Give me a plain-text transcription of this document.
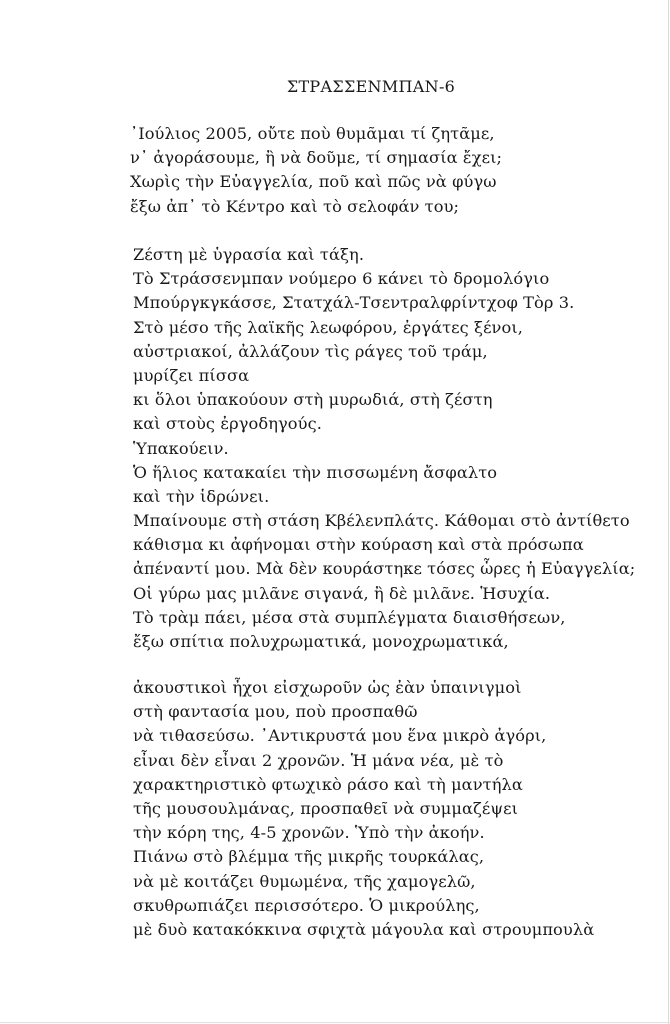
ΣΤΡΑΣΣΕΝΜΠΑΝ-6
᾽Ιούλιος 2005, οὔτε ποὺ θυμᾶμαι τί ζητᾶμε,
ν᾽ ἀγοράσουμε, ἢ νὰ δοῦμε, τί σημασία ἔχει;
Χωρὶς τὴν Εὐαγγελία, ποῦ καὶ πῶς νὰ φύγω
ἔξω ἀπ᾽ τὸ Κέντρο καὶ τὸ σελοφάν του;
Ζέστη μὲ ὑγρασία καὶ τάξη.
Τὸ Στράσσενμπαν νούμερο 6 κάνει τὸ δρομολόγιο
Μπούργκγκάσσε, Στατχάλ-Τσεντραλφρίντχοφ Τὸρ 3.
Στὸ μέσο τῆς λαϊκῆς λεωφόρου, ἐργάτες ξένοι,
αὐστριακοί, ἀλλάζουν τὶς ράγες τοῦ τράμ,
μυρίζει πίσσα
κι ὅλοι ὑπακούουν στὴ μυρωδιά, στὴ ζέστη
καὶ στοὺς ἐργοδηγούς.
Ὑπακούειν.
Ὁ ἥλιος κατακαίει τὴν πισσωμένη ἄσφαλτο
καὶ τὴν ἱδρώνει.
Μπαίνουμε στὴ στάση Κβέλενπλάτς. Κάθομαι στὸ ἀντίθετο
κάθισμα κι ἀφήνομαι στὴν κούραση καὶ στὰ πρόσωπα
ἀπέναντί μου. Μὰ δὲν κουράστηκε τόσες ὧρες ἡ Εὐαγγελία;
Οἱ γύρω μας μιλᾶνε σιγανά, ἢ δὲ μιλᾶνε. Ἡσυχία.
Τὸ τρὰμ πάει, μέσα στὰ συμπλέγματα διαισθήσεων,
ἔξω σπίτια πολυχρωματικά, μονοχρωματικά,
ἀκουστικοὶ ἦχοι εἰσχωροῦν ὡς ἐὰν ὑπαινιγμοὶ
στὴ φαντασία μου, ποὺ προσπαθῶ
νὰ τιθασεύσω. ᾽Αντικρυστά μου ἕνα μικρὸ ἀγόρι,
εἶναι δὲν εἶναι 2 χρονῶν. Ἡ μάνα νέα, μὲ τὸ
χαρακτηριστικὸ φτωχικὸ ράσο καὶ τὴ μαντήλα
τῆς μουσουλμάνας, προσπαθεῖ νὰ συμμαζέψει
τὴν κόρη της, 4-5 χρονῶν. Ὑπὸ τὴν ἀκοήν.
Πιάνω στὸ βλέμμα τῆς μικρῆς τουρκάλας,
νὰ μὲ κοιτάζει θυμωμένα, τῆς χαμογελῶ,
σκυθρωπιάζει περισσότερο. Ὁ μικρούλης,
μὲ δυὸ κατακόκκινα σφιχτὰ μάγουλα καὶ στρουμπουλὰ
